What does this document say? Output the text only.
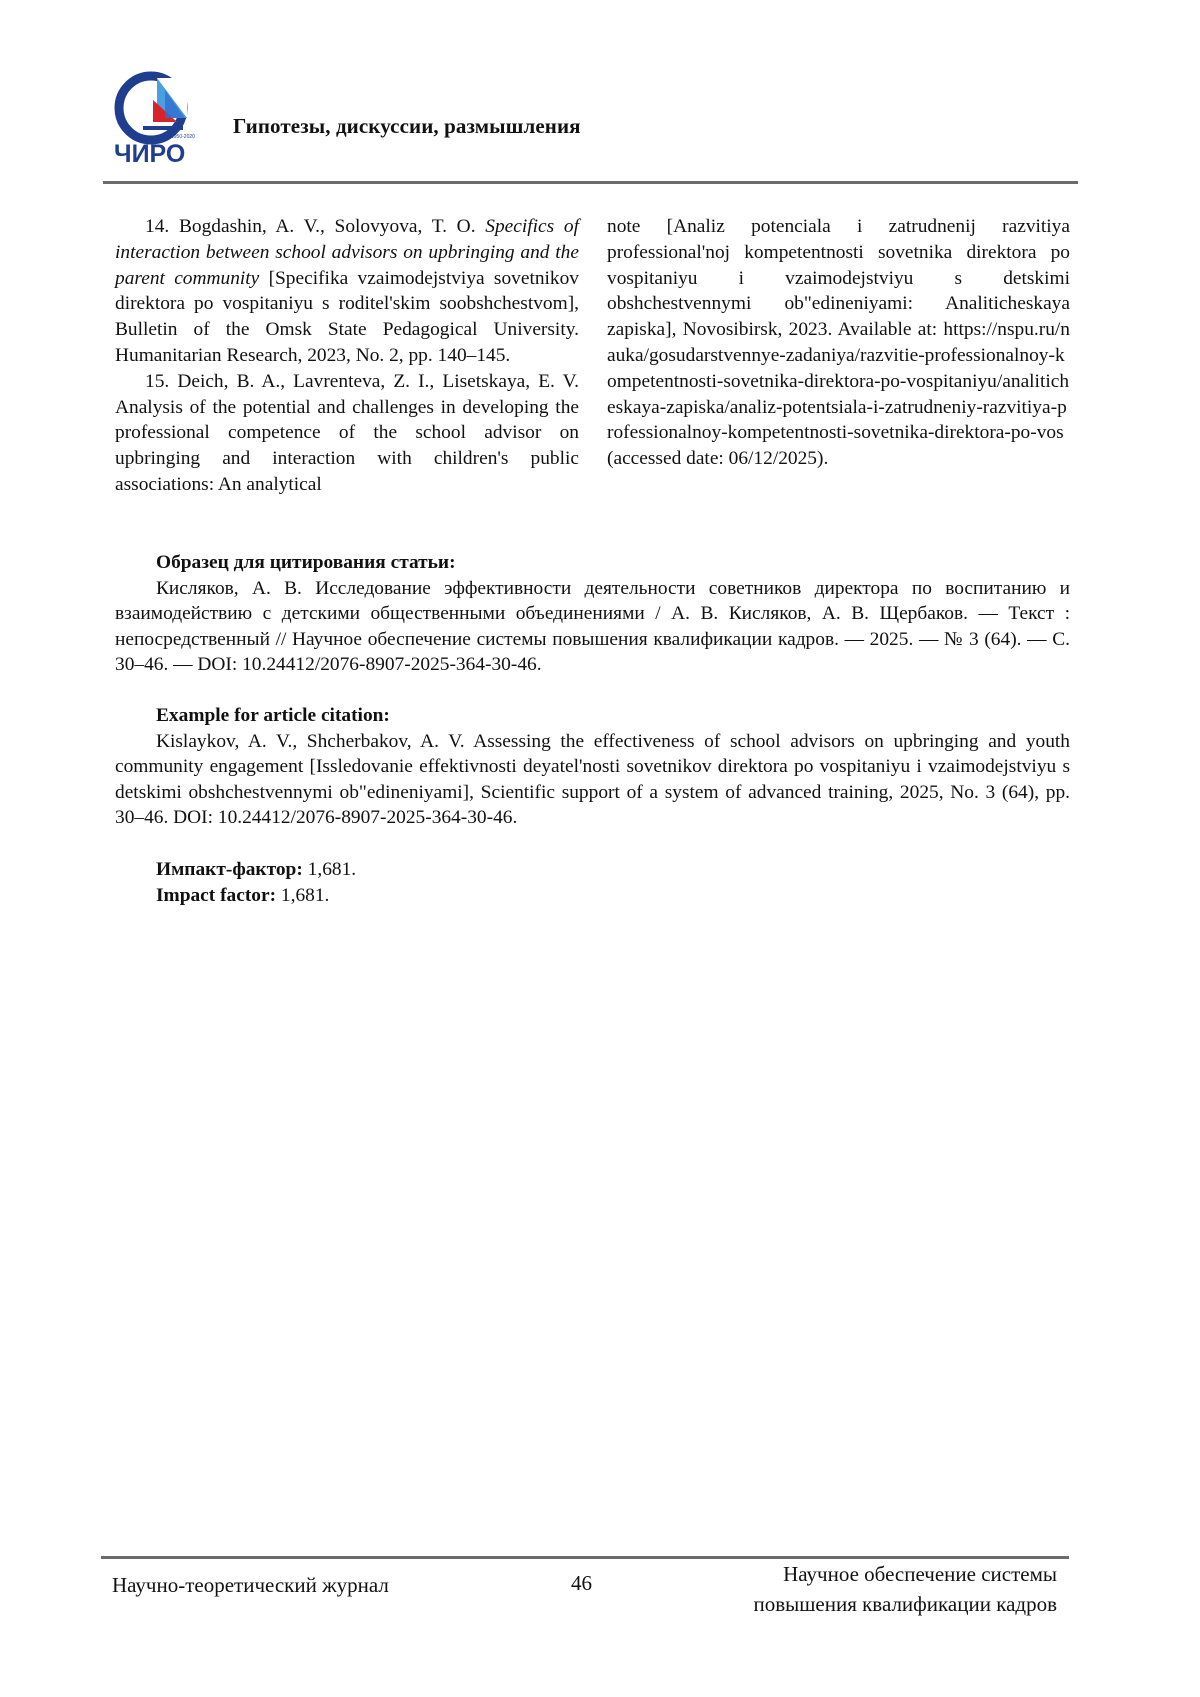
1950-2020
ЧИРО
Гипотезы, дискуссии, размышления

14. Bogdashin, A. V., Solovyova, T. O. Specif­ics of interaction between school advisors on up­bringing and the parent community [Specifika vzaimodejstviya sovetnikov direktora po vospi­taniyu s roditel'skim soobshchestvom], Bulletin of the Omsk State Pedagogical University. Humani­tarian Research, 2023, No. 2, pp. 140–145.

15. Deich, B. A., Lavrenteva, Z. I., Lisetska­ya, E. V. Analysis of the potential and challeng­es in developing the professional competence of the school advisor on upbringing and interaction with children's public associations: An analytical

note [Analiz potenciala i zatrudnenij razvitiya professional'noj kompetentnosti sovetnika direktora po vospitaniyu i vzaimodejstviyu s detskimi obshchestvennymi ob"edineniyami: Analiticheskaya zapiska], Novosibirsk, 2023. Available at: https://nspu.ru/nauka/gosudarstvennye-zadaniya/razvitie-professionalnoy-kompetentnosti-sovetnika-direktora-po-vospitaniyu/analiticheskaya-zapiska/analiz-potentsiala-i-zatrudneniy-razvitiya-professionalnoy-kompetentnosti-sovetnika-direktora-po-vos (accessed date: 06/12/2025).

Образец для цитирования статьи:

Кисляков, А. В. Исследование эффективности деятельности советников директора по воспи­танию и взаимодействию с детскими общественными объединениями / А. В. Кисляков, А. В. Щер­баков. — Текст : непосредственный // Научное обеспечение системы повышения квалификации кадров. — 2025. — № 3 (64). — С. 30–46. — DOI: 10.24412/2076-8907-2025-364-30-46.

Example for article citation:

Kislaykov, A. V., Shcherbakov, A. V. Assessing the effectiveness of school advisors on upbringing and youth community engagement [Issledovanie effektivnosti deyatel'nosti sovetnikov direktora po vospi­taniyu i vzaimodejstviyu s detskimi obshchestvennymi ob"edineniyami], Scientific support of a system of advanced training, 2025, No. 3 (64), pp. 30–46. DOI: 10.24412/2076-8907-2025-364-30-46.

Импакт-фактор: 1,681.

Impact factor: 1,681.

Научно-теоретический журнал	46	Научное обеспечение системы
повышения квалификации кадров
